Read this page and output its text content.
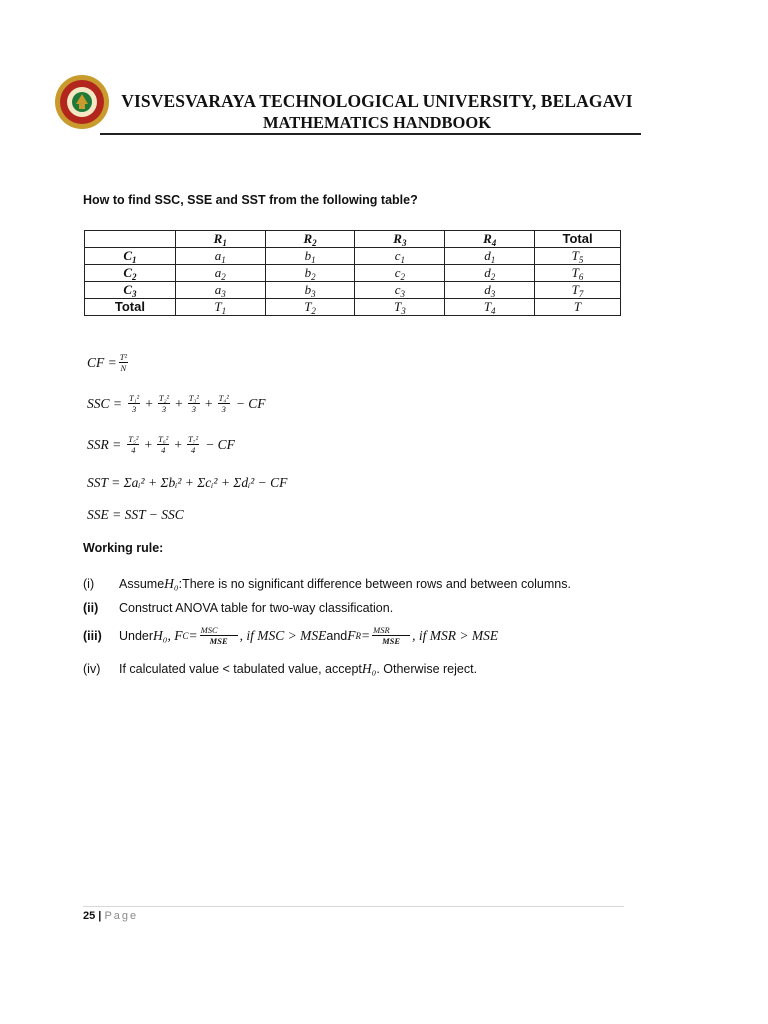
VISVESVARAYA TECHNOLOGICAL UNIVERSITY, BELAGAVI
MATHEMATICS HANDBOOK
How to find SSC, SSE and SST from the following table?
	$R_1$	$R_2$	$R_3$	$R_4$	Total
$C_1$	$a_1$	$b_1$	$c_1$	$d_1$	$T_5$
$C_2$	$a_2$	$b_2$	$c_2$	$d_2$	$T_6$
$C_3$	$a_3$	$b_3$	$c_3$	$d_3$	$T_7$
Total	$T_1$	$T_2$	$T_3$	$T_4$	T
CF = $\frac{\text{T²}}{N}$
SSC = $\frac{\text{T₁²}}{3} + \frac{\text{T₂²}}{3} + \frac{\text{T₃²}}{3} + \frac{\text{T₄²}}{3}$ − CF
SSR = $\frac{\text{T₅²}}{4} + \frac{\text{T₆²}}{4} + \frac{\text{T₇²}}{4}$ − CF
SST = Σaᵢ² + Σbᵢ² + Σcᵢ² + Σdᵢ² − CF
SSE = SST − SSC
Working rule:
(i)	Assume H₀ :There is no significant difference between rows and between columns.
(ii)	Construct ANOVA table for two-way classification.
(iii)	Under H₀, F $C = \frac{\text{MSC}}{\text{MSE}}$ , if MSC > MSE and F $R = \frac{\text{MSR}}{\text{MSE}}$ , if MSR > MSE
(iv)	If calculated value < tabulated value, accept H₀ . Otherwise reject.
25 | Page
